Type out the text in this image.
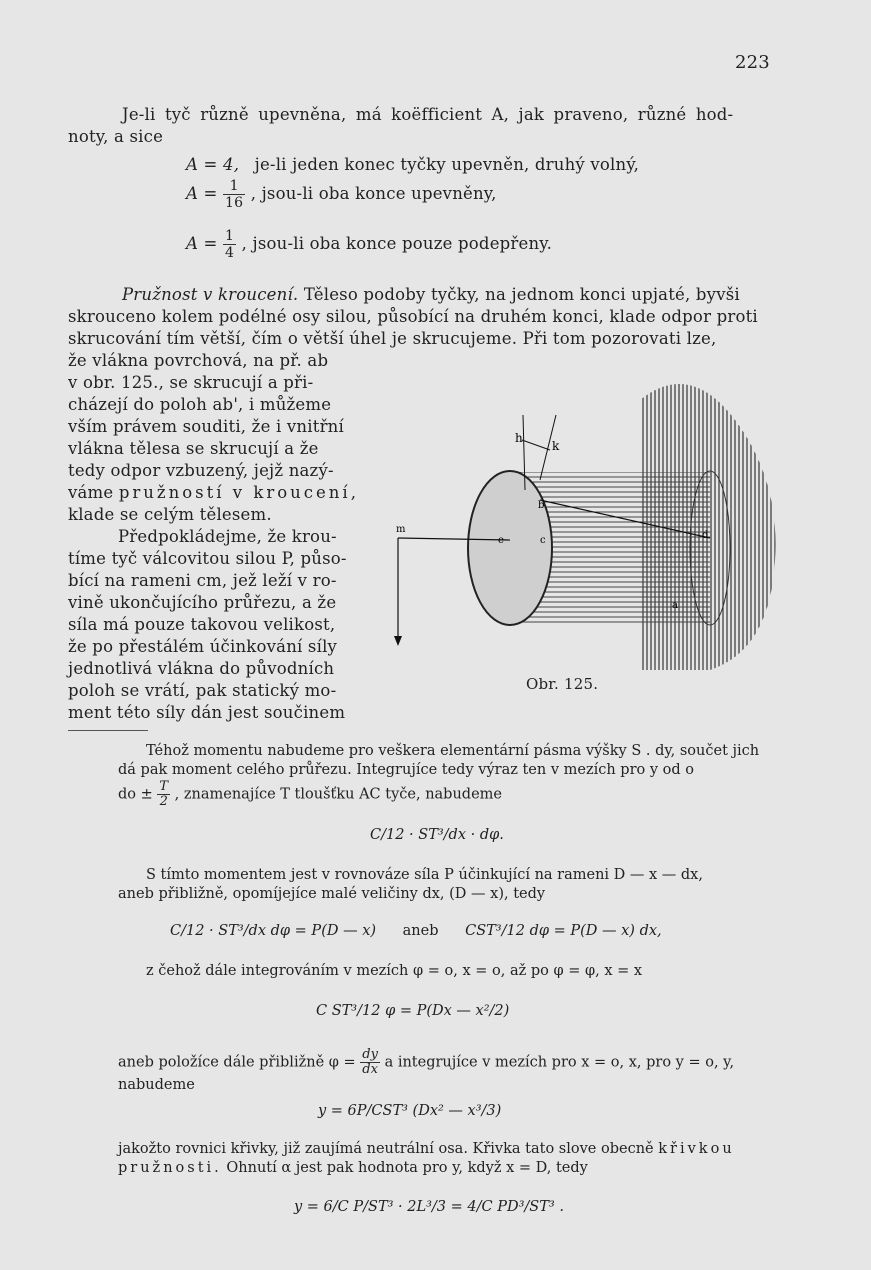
223
Je-li tyč různě upevněna, má koëfficient A, jak praveno, různé hod-
noty, a sice
A = 4, je-li jeden konec tyčky upevněn, druhý volný,
$A = \frac{1}{16}$ , jsou-li oba konce upevněny,
$A = \frac{1}{4}$ , jsou-li oba konce pouze podepřeny.
Pružnost v kroucení. Těleso podoby tyčky, na jednom konci upjaté, byvši
skrouceno kolem podélné osy silou, působící na druhém konci, klade odpor proti
skrucování tím větší, čím o větší úhel je skrucujeme. Při tom pozorovati lze,
že vlákna povrchová, na př. ab
v obr. 125., se skrucují a při-
cházejí do poloh ab', i můžeme
vším právem souditi, že i vnitřní
vlákna tělesa se skrucují a že
tedy odpor vzbuzený, jejž nazý-
váme pružností v kroucení,
klade se celým tělesem.
Předpokládejme, že krou-
tíme tyč válcovitou silou P, půso-
bící na rameni cm, jež leží v ro-
vině ukončujícího průřezu, a že
síla má pouze takovou velikost,
že po přestálém účinkování síly
jednotlivá vlákna do původních
poloh se vrátí, pak statický mo-
ment této síly dán jest součinem
h
k
b
c	d
m
a
e
Obr. 125.
Téhož momentu nabudeme pro veškera elementární pásma výšky S . dy, součet jich
dá pak moment celého průřezu. Integrujíce tedy výraz ten v mezích pro y od o
do ± $\frac{T}{2}$ , znamenajíce T tloušťku AC tyče, nabudeme
C/12 · ST³/dx · dφ.
S tímto momentem jest v rovnováze síla P účinkující na rameni D — x — dx,
aneb přibližně, opomíjejíce malé veličiny dx, (D — x), tedy
C/12 · ST³/dx dφ = P(D — x) aneb CST³/12 dφ = P(D — x) dx,
z čehož dále integrováním v mezích φ = o, x = o, až po φ = φ, x = x
C ST³/12 φ = P(Dx — x²/2)
aneb položíce dále přibližně $\varphi = \frac{dy}{dx}$ a integrujíce v mezích pro x = o, x, pro y = o, y,
nabudeme
y = 6P/CST³ (Dx² — x³/3)
jakožto rovnici křivky, již zaujímá neutrální osa. Křivka tato slove obecně křivkou
pružnosti. Ohnutí α jest pak hodnota pro y, když x = D, tedy
y = 6/C P/ST³ · 2L³/3 = 4/C PD³/ST³ .
